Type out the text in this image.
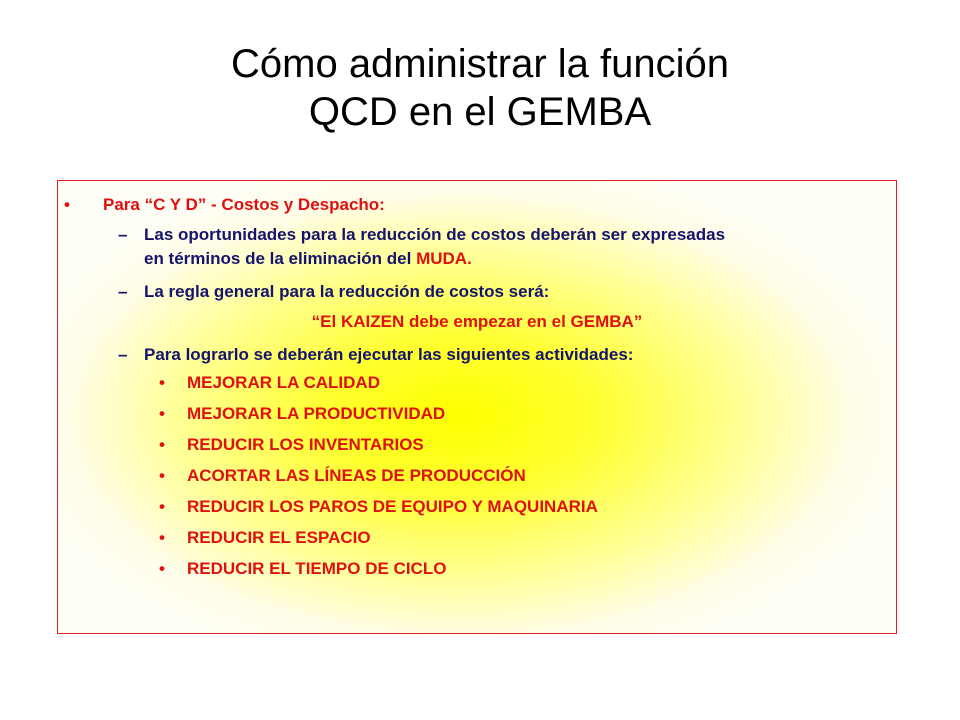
Cómo administrar la función
QCD en el GEMBA
• Para “C Y D” - Costos y Despacho:
– Las oportunidades para la reducción de costos deberán ser expresadas
en términos de la eliminación del MUDA.
– La regla general para la reducción de costos será:
“El KAIZEN debe empezar en el GEMBA”
– Para lograrlo se deberán ejecutar las siguientes actividades:
• MEJORAR LA CALIDAD
• MEJORAR LA PRODUCTIVIDAD
• REDUCIR LOS INVENTARIOS
• ACORTAR LAS LÍNEAS DE PRODUCCIÓN
• REDUCIR LOS PAROS DE EQUIPO Y MAQUINARIA
• REDUCIR EL ESPACIO
• REDUCIR EL TIEMPO DE CICLO
